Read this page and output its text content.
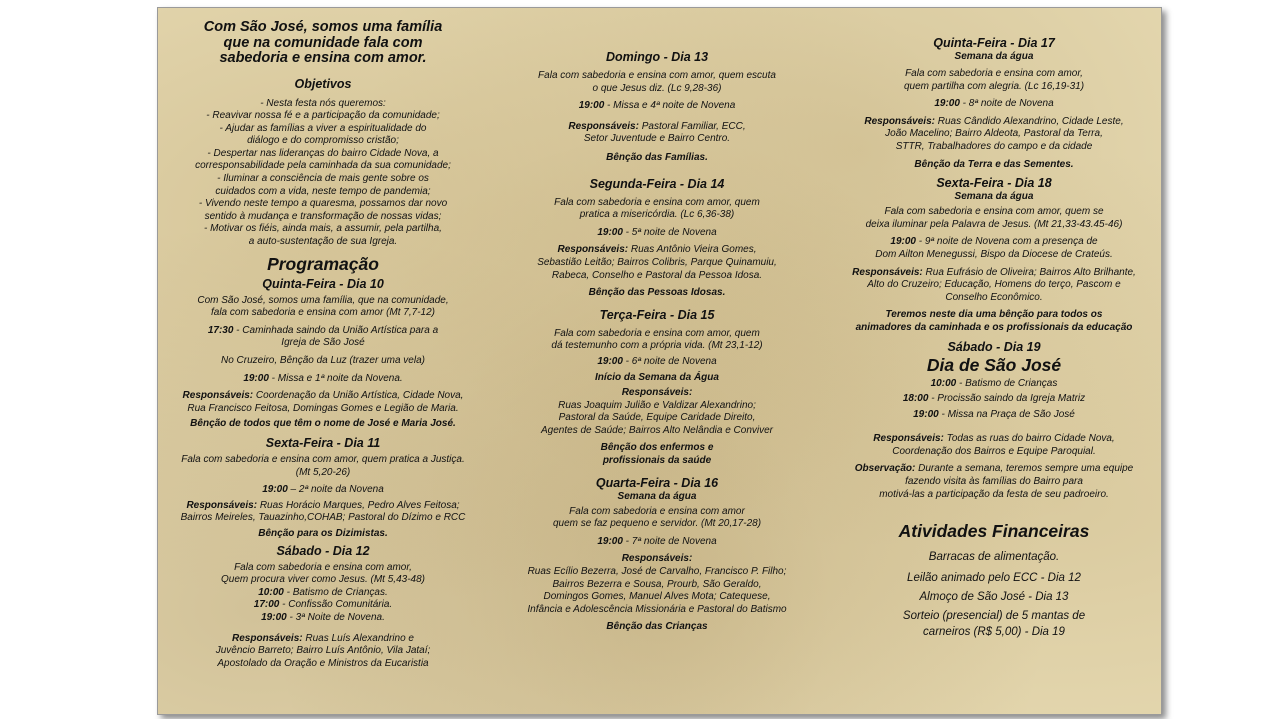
Com São José, somos uma família

que na comunidade fala com

sabedoria e ensina com amor.

Objetivos

- Nesta festa nós queremos:

- Reavivar nossa fé e a participação da comunidade;

- Ajudar as famílias a viver a espiritualidade do

diálogo e do compromisso cristão;

- Despertar nas lideranças do bairro Cidade Nova, a

corresponsabilidade pela caminhada da sua comunidade;

- Iluminar a consciência de mais gente sobre os

cuidados com a vida, neste tempo de pandemia;

- Vivendo neste tempo a quaresma, possamos dar novo

sentido à mudança e transformação de nossas vidas;

- Motivar os fiéis, ainda mais, a assumir, pela partilha,

a auto-sustentação de sua Igreja.

Programação

Quinta-Feira - Dia 10

Com São José, somos uma família, que na comunidade,

fala com sabedoria e ensina com amor (Mt 7,7-12)

17:30 - Caminhada saindo da União Artística para a

Igreja de São José

No Cruzeiro, Bênção da Luz (trazer uma vela)

19:00 - Missa e 1ª noite da Novena.

Responsáveis: Coordenação da União Artística, Cidade Nova,

Rua Francisco Feitosa, Domingas Gomes e Legião de Maria.

Bênção de todos que têm o nome de José e Maria José.

Sexta-Feira - Dia 11

Fala com sabedoria e ensina com amor, quem pratica a Justiça.

(Mt 5,20-26)

19:00 – 2ª noite da Novena

Responsáveis: Ruas Horácio Marques, Pedro Alves Feitosa;

Bairros Meireles, Tauazinho,COHAB; Pastoral do Dízimo e RCC

Bênção para os Dizimistas.

Sábado - Dia 12

Fala com sabedoria e ensina com amor,

Quem procura viver como Jesus. (Mt 5,43-48)

10:00 - Batismo de Crianças.

17:00 - Confissão Comunitária.

19:00 - 3ª Noite de Novena.

Responsáveis: Ruas Luís Alexandrino e

Juvêncio Barreto; Bairro Luís Antônio, Vila Jataí;

Apostolado da Oração e Ministros da Eucaristia

Domingo - Dia 13

Fala com sabedoria e ensina com amor, quem escuta

o que Jesus diz. (Lc 9,28-36)

19:00 - Missa e 4ª noite de Novena

Responsáveis: Pastoral Familiar, ECC,

Setor Juventude e Bairro Centro.

Bênção das Famílias.

Segunda-Feira - Dia 14

Fala com sabedoria e ensina com amor, quem

pratica a misericórdia. (Lc 6,36-38)

19:00 - 5ª noite de Novena

Responsáveis: Ruas Antônio Vieira Gomes,

Sebastião Leitão; Bairros Colibris, Parque Quinamuiu,

Rabeca, Conselho e Pastoral da Pessoa Idosa.

Bênção das Pessoas Idosas.

Terça-Feira - Dia 15

Fala com sabedoria e ensina com amor, quem

dá testemunho com a própria vida. (Mt 23,1-12)

19:00 - 6ª noite de Novena

Início da Semana da Água

Responsáveis:

Ruas Joaquim Julião e Valdizar Alexandrino;

Pastoral da Saúde, Equipe Caridade Direito,

Agentes de Saúde; Bairros Alto Nelândia e Conviver

Bênção dos enfermos e

profissionais da saúde

Quarta-Feira - Dia 16

Semana da água

Fala com sabedoria e ensina com amor

quem se faz pequeno e servidor. (Mt 20,17-28)

19:00 - 7ª noite de Novena

Responsáveis:

Ruas Ecílio Bezerra, José de Carvalho, Francisco P. Filho;

Bairros Bezerra e Sousa, Prourb, São Geraldo,

Domingos Gomes, Manuel Alves Mota; Catequese,

Infância e Adolescência Missionária e Pastoral do Batismo

Bênção das Crianças

Quinta-Feira - Dia 17

Semana da água

Fala com sabedoria e ensina com amor,

quem partilha com alegria. (Lc 16,19-31)

19:00 - 8ª noite de Novena

Responsáveis: Ruas Cândido Alexandrino, Cidade Leste,

João Macelino; Bairro Aldeota, Pastoral da Terra,

STTR, Trabalhadores do campo e da cidade

Bênção da Terra e das Sementes.

Sexta-Feira - Dia 18

Semana da água

Fala com sabedoria e ensina com amor, quem se

deixa iluminar pela Palavra de Jesus. (Mt 21,33-43.45-46)

19:00 - 9ª noite de Novena com a presença de

Dom Ailton Menegussi, Bispo da Diocese de Crateús.

Responsáveis: Rua Eufrásio de Oliveira; Bairros Alto Brilhante,

Alto do Cruzeiro; Educação, Homens do terço, Pascom e

Conselho Econômico.

Teremos neste dia uma bênção para todos os

animadores da caminhada e os profissionais da educação

Sábado - Dia 19

Dia de São José

10:00 - Batismo de Crianças

18:00 - Procissão saindo da Igreja Matriz

19:00 - Missa na Praça de São José

Responsáveis: Todas as ruas do bairro Cidade Nova,

Coordenação dos Bairros e Equipe Paroquial.

Observação: Durante a semana, teremos sempre uma equipe

fazendo visita às famílias do Bairro para

motivá-las a participação da festa de seu padroeiro.

Atividades Financeiras

Barracas de alimentação.

Leilão animado pelo ECC - Dia 12

Almoço de São José - Dia 13

Sorteio (presencial) de 5 mantas de

carneiros (R$ 5,00) - Dia 19
